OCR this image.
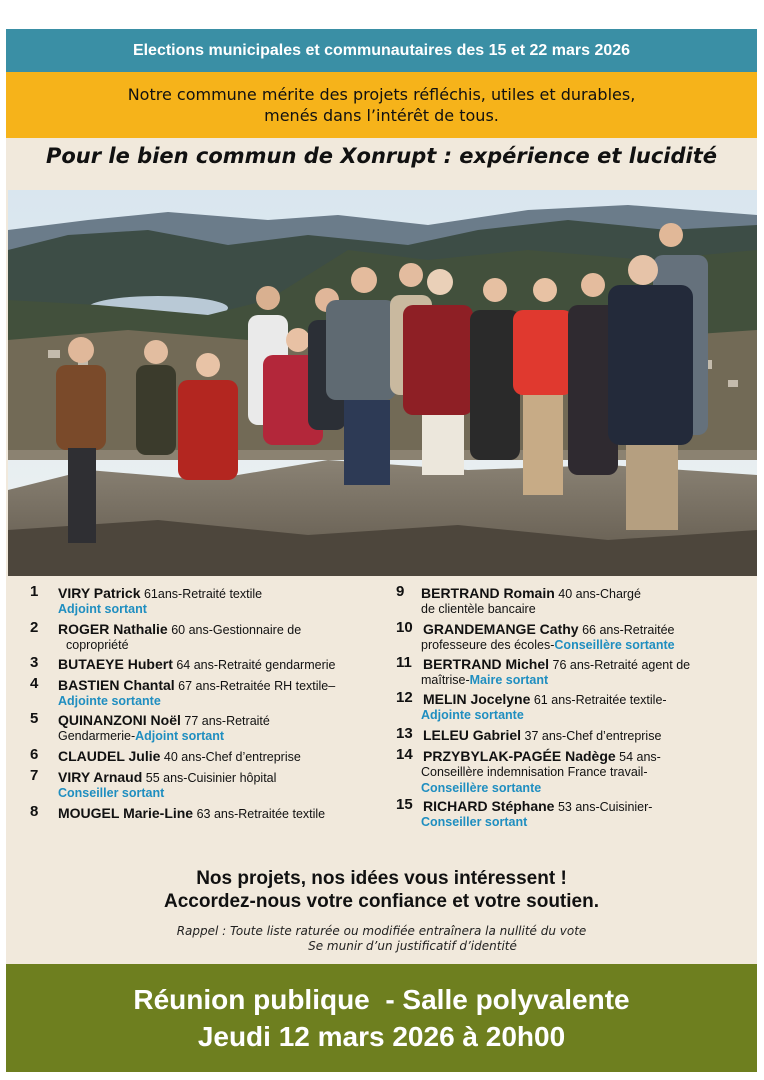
Elections municipales et communautaires des 15 et 22 mars 2026
Notre commune mérite des projets réfléchis, utiles et durables,
menés dans l’intérêt de tous.
Pour le bien commun de Xonrupt : expérience et lucidité
1 VIRY Patrick 61ans-Retraité textile
Adjoint sortant
2 ROGER Nathalie 60 ans-Gestionnaire de
copropriété
3 BUTAEYE Hubert 64 ans-Retraité gendarmerie
4 BASTIEN Chantal 67 ans-Retraitée RH textile–
Adjointe sortante
5 QUINANZONI Noël 77 ans-Retraité
Gendarmerie-Adjoint sortant
6 CLAUDEL Julie 40 ans-Chef d’entreprise
7 VIRY Arnaud 55 ans-Cuisinier hôpital
Conseiller sortant
8 MOUGEL Marie-Line 63 ans-Retraitée textile
9 BERTRAND Romain 40 ans-Chargé
de clientèle bancaire
10 GRANDEMANGE Cathy 66 ans-Retraitée
professeure des écoles-Conseillère sortante
11 BERTRAND Michel 76 ans-Retraité agent de
maîtrise-Maire sortant
12 MELIN Jocelyne 61 ans-Retraitée textile-
Adjointe sortante
13 LELEU Gabriel 37 ans-Chef d’entreprise
14 PRZYBYLAK-PAGÉE Nadège 54 ans-
Conseillère indemnisation France travail-
Conseillère sortante
15 RICHARD Stéphane 53 ans-Cuisinier-
Conseiller sortant
Nos projets, nos idées vous intéressent !
Accordez-nous votre confiance et votre soutien.
Rappel : Toute liste raturée ou modifiée entraînera la nullité du vote
Se munir d’un justificatif d’identité
Réunion publique  - Salle polyvalente
Jeudi 12 mars 2026 à 20h00
